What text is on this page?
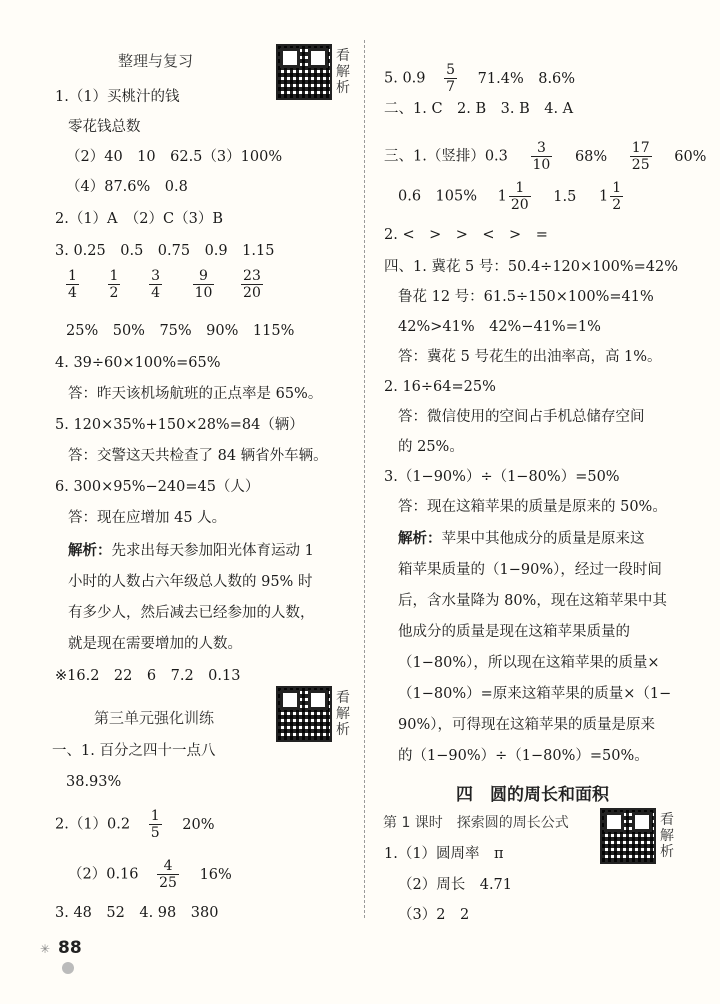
整理与复习	看解析
1.（1）买桃汁的钱
零花钱总数
（2）40　10　62.5（3）100%
（4）87.6%　0.8
2.（1）A　（2）C（3）B
3. 0.25　0.5　0.75　0.9　1.15
$\frac{1}{4}$
$\frac{1}{2}$
$\frac{3}{4}$
$\frac{9}{10}$
$\frac{23}{20}$
25%　50%　75%　90%　115%
4. 39÷60×100%=65%
答：昨天该机场航班的正点率是 65%。
5. 120×35%+150×28%=84（辆）
答：交警这天共检查了 84 辆省外车辆。
6. 300×95%−240=45（人）
答：现在应增加 45 人。
解析：先求出每天参加阳光体育运动 1
小时的人数占六年级总人数的 95% 时
有多少人，然后减去已经参加的人数，
就是现在需要增加的人数。
※16.2　22　6　7.2　0.13
第三单元强化训练
看解析
一、1. 百分之四十一点八
38.93%
$2.(1)0.2 \frac{1}{5} 20\%$
$(2)0.16 \frac{4}{25} 16\%$
3. 48　52　4. 98　380
✳ 88
5. $0.9 \frac{5}{7} 71.4\%$　8.6%
二、1. C　2. B　3. B　4. A
三、1.（竖排）$0.3 \frac{3}{10} 68\% \frac{17}{25} 60\%$
0.6　105% $1 \frac{1}{20} 1.5$ $1 \frac{1}{2}$
2. <　>　>　<　>　=
四、1. 冀花 5 号：50.4÷120×100%=42%
鲁花 12 号：61.5÷150×100%=41%
42%>41%　42%−41%=1%
答：冀花 5 号花生的出油率高，高 1%。
2. 16÷64=25%
答：微信使用的空间占手机总储存空间
的 25%。
3.（1−90%）÷（1−80%）=50%
答：现在这箱苹果的质量是原来的 50%。
解析：苹果中其他成分的质量是原来这
箱苹果质量的（1−90%），经过一段时间
后，含水量降为 80%，现在这箱苹果中其
他成分的质量是现在这箱苹果质量的
（1−80%），所以现在这箱苹果的质量×
（1−80%）=原来这箱苹果的质量×（1−
90%），可得现在这箱苹果的质量是原来
的（1−90%）÷（1−80%）=50%。
四　圆的周长和面积
第 1 课时　探索圆的周长公式	看解析
1.（1）圆周率　π
（2）周长　4.71
（3）2　2
